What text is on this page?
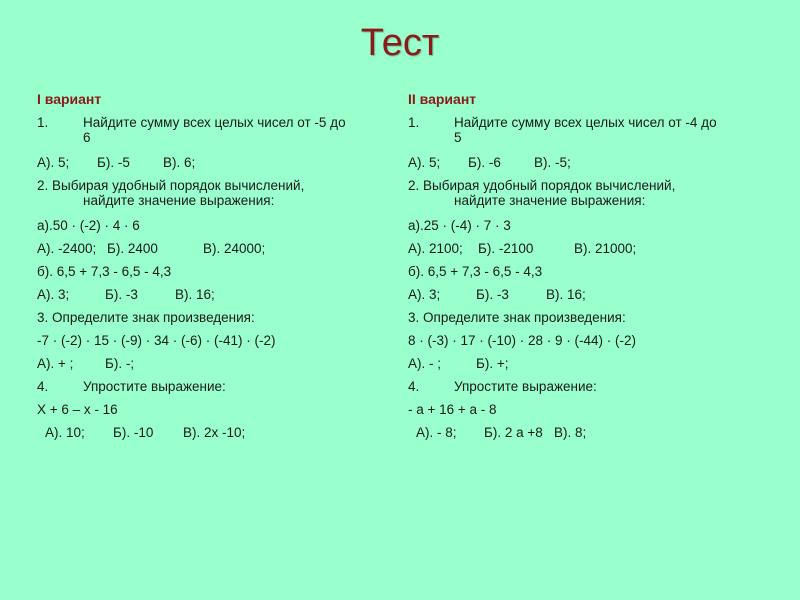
Тест
I вариант
1.	Найдите сумму всех целых чисел от -5 до 6
А). 5;	Б). -5	В). 6;
2. Выбирая удобный порядок вычислений,
найдите значение выражения:
а).50 · (-2) · 4 · 6
А). -2400; Б). 2400	В). 24000;
б). 6,5 + 7,3 - 6,5 - 4,3
А). 3;	Б). -3	В). 16;
3. Определите знак произведения:
-7 · (-2) · 15 · (-9) · 34 · (-6) · (-41) · (-2)
А). + ;	Б). -;
4.	Упростите выражение:
Х + 6 – х - 16
А). 10;	Б). -10	В). 2х -10;
II вариант
1.	Найдите сумму всех целых чисел от -4 до 5
А). 5;	Б). -6	В). -5;
2. Выбирая удобный порядок вычислений,
найдите значение выражения:
а).25 · (-4) · 7 · 3
А). 2100;	Б). -2100	В). 21000;
б). 6,5 + 7,3 - 6,5 - 4,3
А). 3;	Б). -3	В). 16;
3. Определите знак произведения:
8 · (-3) · 17 · (-10) · 28 · 9 · (-44) · (-2)
А). - ;	Б). +;
4.	Упростите выражение:
- а + 16 + а - 8
А). - 8;	Б). 2 а +8 В). 8;
